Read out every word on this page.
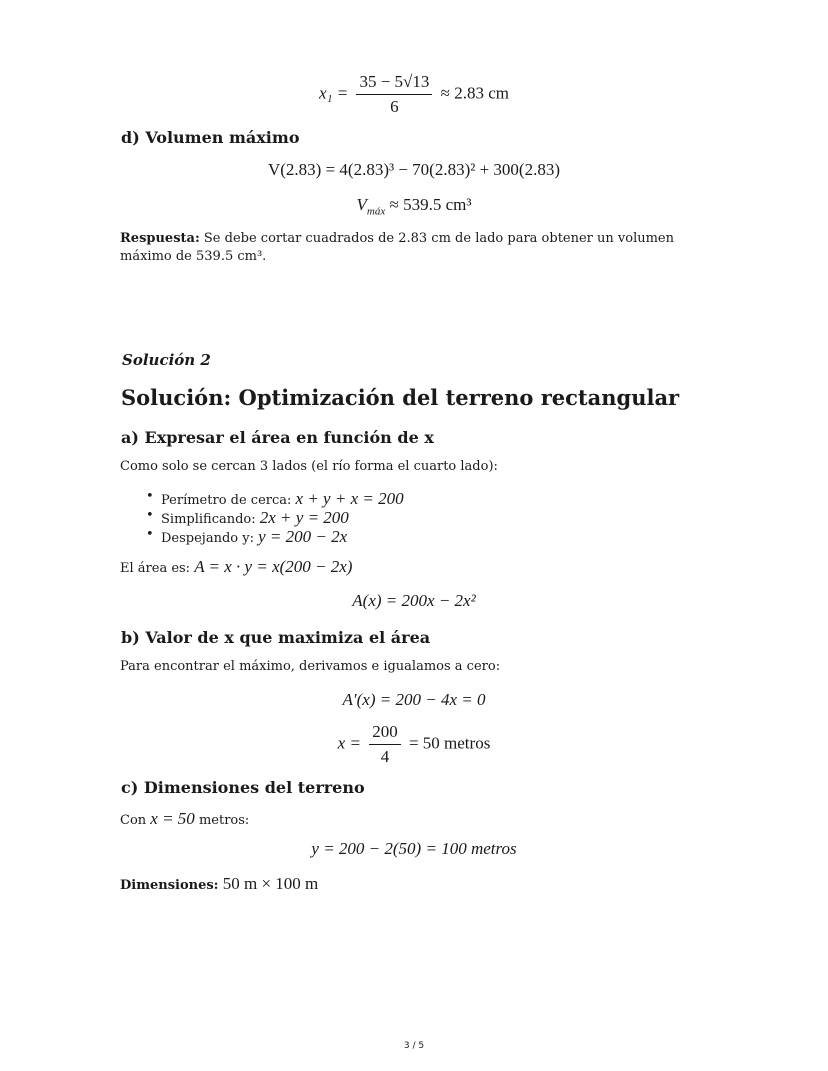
$x_1 = \frac{35 - 5√13}{6} \approx 2.83$ cm
d) Volumen máximo
V(2.83) = 4(2.83)³ − 70(2.83)² + 300(2.83)
$V_{máx} \approx 539.5$ cm³
Respuesta: Se debe cortar cuadrados de 2.83 cm de lado para obtener un volumen
máximo de 539.5 cm³.
Solución 2
Solución: Optimización del terreno rectangular
a) Expresar el área en función de x
Como solo se cercan 3 lados (el río forma el cuarto lado):
• Perímetro de cerca: x + y + x = 200
• Simplificando: 2x + y = 200
• Despejando y: y = 200 − 2x
El área es: A = x · y = x(200 − 2x)
A(x) = 200x − 2x²
b) Valor de x que maximiza el área
Para encontrar el máximo, derivamos e igualamos a cero:
A′(x) = 200 − 4x = 0
$x = \frac{200}{4} = 50$ metros
c) Dimensiones del terreno
Con x = 50 metros:
y = 200 − 2(50) = 100 metros
Dimensiones: 50 m × 100 m
3 / 5
